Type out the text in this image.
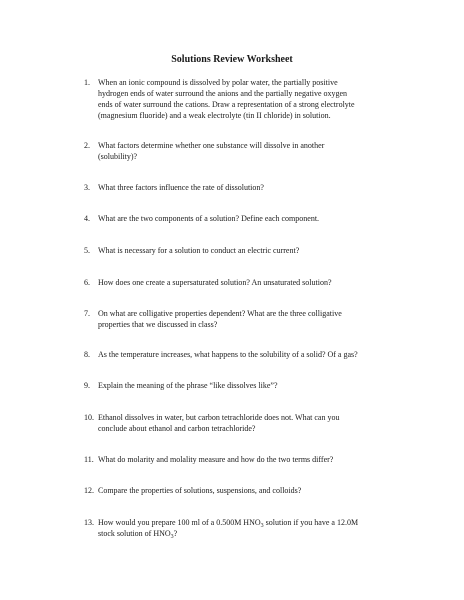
Solutions Review Worksheet
1.	When an ionic compound is dissolved by polar water, the partially positive
hydrogen ends of water surround the anions and the partially negative oxygen
ends of water surround the cations. Draw a representation of a strong electrolyte
(magnesium fluoride) and a weak electrolyte (tin II chloride) in solution.
2.	What factors determine whether one substance will dissolve in another
(solubility)?
3.	What three factors influence the rate of dissolution?
4.	What are the two components of a solution? Define each component.
5.	What is necessary for a solution to conduct an electric current?
6.	How does one create a supersaturated solution? An unsaturated solution?
7.	On what are colligative properties dependent? What are the three colligative
properties that we discussed in class?
8.	As the temperature increases, what happens to the solubility of a solid? Of a gas?
9.	Explain the meaning of the phrase “like dissolves like”?
10. Ethanol dissolves in water, but carbon tetrachloride does not. What can you
conclude about ethanol and carbon tetrachloride?
11. What do molarity and molality measure and how do the two terms differ?
12. Compare the properties of solutions, suspensions, and colloids?
13. How would you prepare 100 ml of a 0.500M $HNO_3$ solution if you have a 12.0M
stock solution of $HNO_3$?
